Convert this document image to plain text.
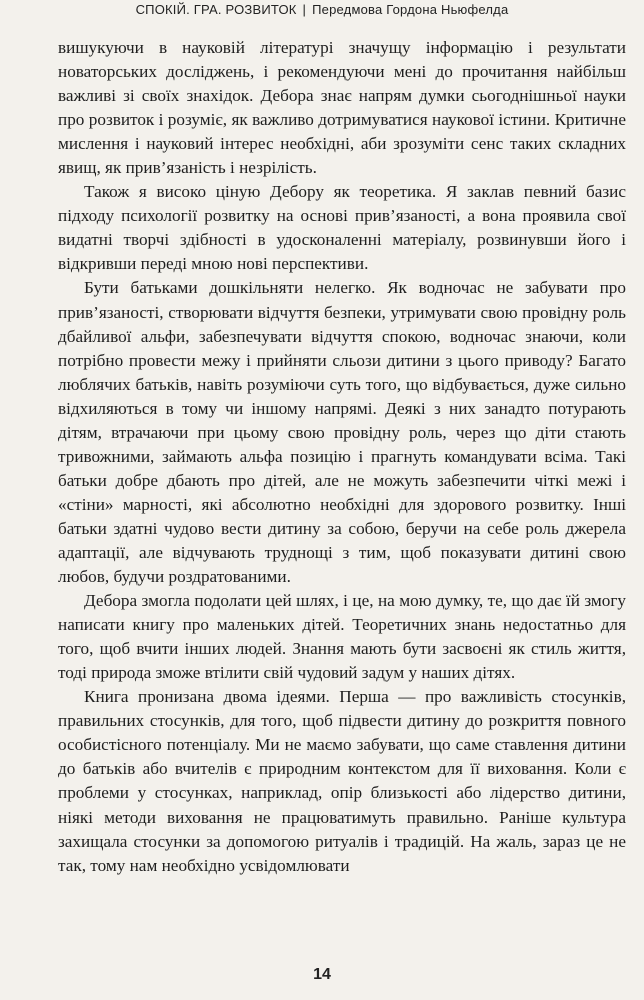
СПОКІЙ. ГРА. РОЗВИТОК | Передмова Гордона Ньюфелда

вишукуючи в науковій літературі значущу інформацію і результати новаторських досліджень, і рекомендуючи мені до прочитання найбільш важливі зі своїх знахідок. Дебора знає напрям думки сьогоднішньої науки про розвиток і розуміє, як важливо дотримуватися наукової істини. Критичне мислення і науковий інтерес необхідні, аби зрозуміти сенс таких складних явищ, як прив’язаність і незрілість.

Також я високо ціную Дебору як теоретика. Я заклав певний базис підходу психології розвитку на основі прив’язаності, а вона проявила свої видатні творчі здібності в удосконаленні матеріалу, розвинувши його і відкривши переді мною нові перспективи.

Бути батьками дошкільняти нелегко. Як водночас не забувати про прив’язаності, створювати відчуття безпеки, утримувати свою провідну роль дбайливої альфи, забезпечувати відчуття спокою, водночас знаючи, коли потрібно провести межу і прийняти сльози дитини з цього приводу? Багато люблячих батьків, навіть розуміючи суть того, що відбувається, дуже сильно відхиляються в тому чи іншому напрямі. Деякі з них занадто потурають дітям, втрачаючи при цьому свою провідну роль, через що діти стають тривожними, займають альфа позицію і прагнуть командувати всіма. Такі батьки добре дбають про дітей, але не можуть забезпечити чіткі межі і «стіни» марності, які абсолютно необхідні для здорового розвитку. Інші батьки здатні чудово вести дитину за собою, беручи на себе роль джерела адаптації, але відчувають труднощі з тим, щоб показувати дитині свою любов, будучи роздратованими.

Дебора змогла подолати цей шлях, і це, на мою думку, те, що дає їй змогу написати книгу про маленьких дітей. Теоретичних знань недостатньо для того, щоб вчити інших людей. Знання мають бути засвоєні як стиль життя, тоді природа зможе втілити свій чудовий задум у наших дітях.

Книга пронизана двома ідеями. Перша — про важливість стосунків, правильних стосунків, для того, щоб підвести дитину до розкриття повного особистісного потенціалу. Ми не маємо забувати, що саме ставлення дитини до батьків або вчителів є природним контекстом для її виховання. Коли є проблеми у стосунках, наприклад, опір близькості або лідерство дитини, ніякі методи виховання не працюватимуть правильно. Раніше культура захищала стосунки за допомогою ритуалів і традицій. На жаль, зараз це не так, тому нам необхідно усвідомлювати

14
